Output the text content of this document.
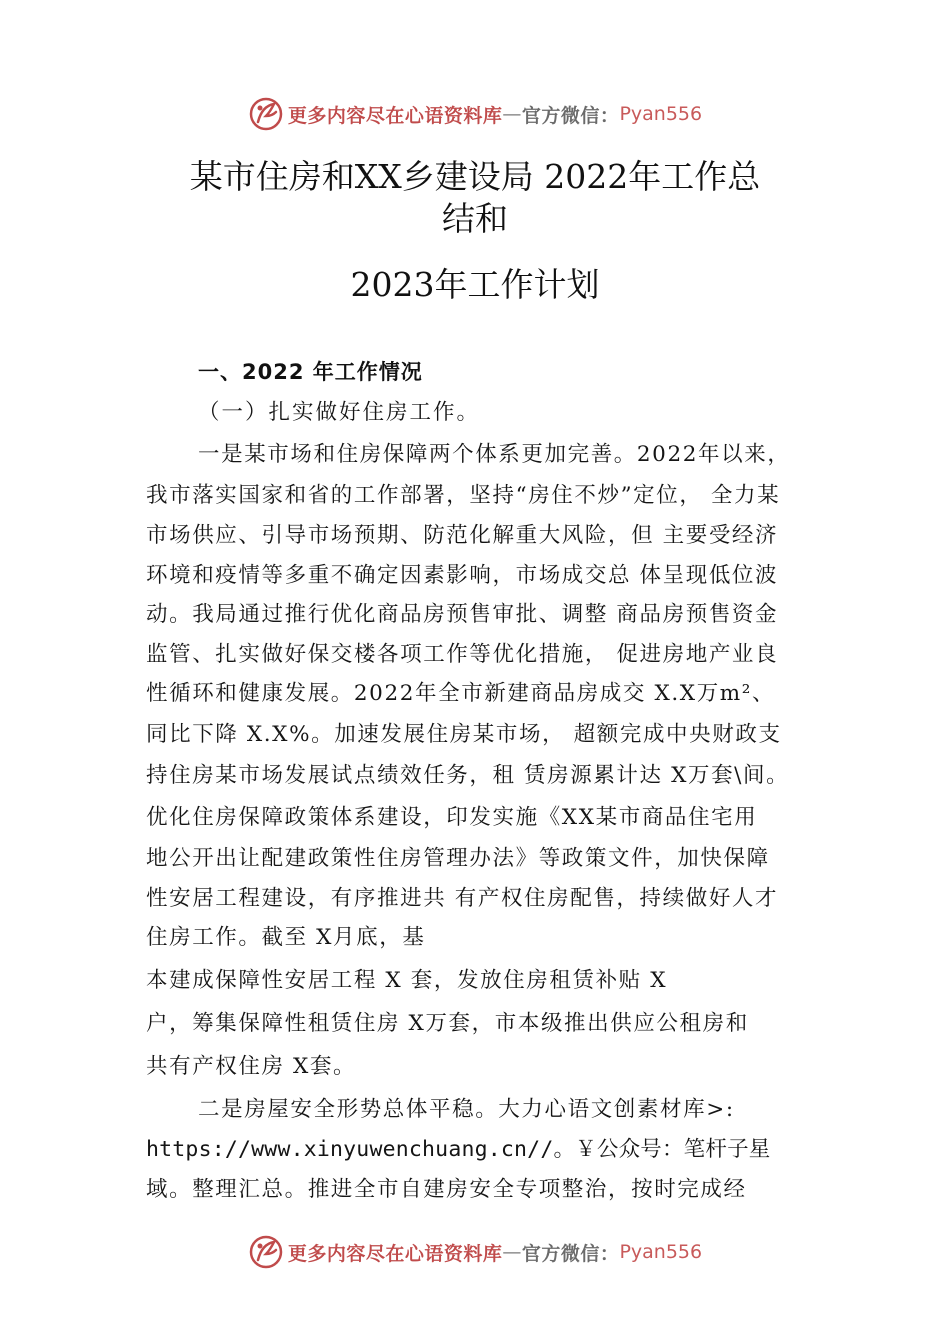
更多内容尽在心语资料库 — 官方微信： Pyan556
某市住房和XX乡建设局 2022年工作总
结和
2023年工作计划
一、2022 年工作情况
（一）扎实做好住房工作。
一是某市场和住房保障两个体系更加完善。2022年以来，
我市落实国家和省的工作部署，坚持“房住不炒”定位， 全力某
市场供应、引导市场预期、防范化解重大风险，但 主要受经济
环境和疫情等多重不确定因素影响，市场成交总 体呈现低位波
动。我局通过推行优化商品房预售审批、调整 商品房预售资金
监管、扎实做好保交楼各项工作等优化措施， 促进房地产业良
性循环和健康发展。2022年全市新建商品房成交 X.X万m²、
同比下降 X.X%。加速发展住房某市场， 超额完成中央财政支
持住房某市场发展试点绩效任务，租 赁房源累计达 X万套\间。
优化住房保障政策体系建设，印发实施《XX某市商品住宅用
地公开出让配建政策性住房管理办法》等政策文件，加快保障
性安居工程建设，有序推进共 有产权住房配售，持续做好人才
住房工作。截至 X月底，基
本建成保障性安居工程 X 套，发放住房租赁补贴 X
户，筹集保障性租赁住房 X万套，市本级推出供应公租房和
共有产权住房 X套。
二是房屋安全形势总体平稳。大力心语文创素材库>:
https://www.xinyuwenchuang.cn//。￥公众号：笔杆子星
域。整理汇总。推进全市自建房安全专项整治，按时完成经
更多内容尽在心语资料库 — 官方微信： Pyan556
